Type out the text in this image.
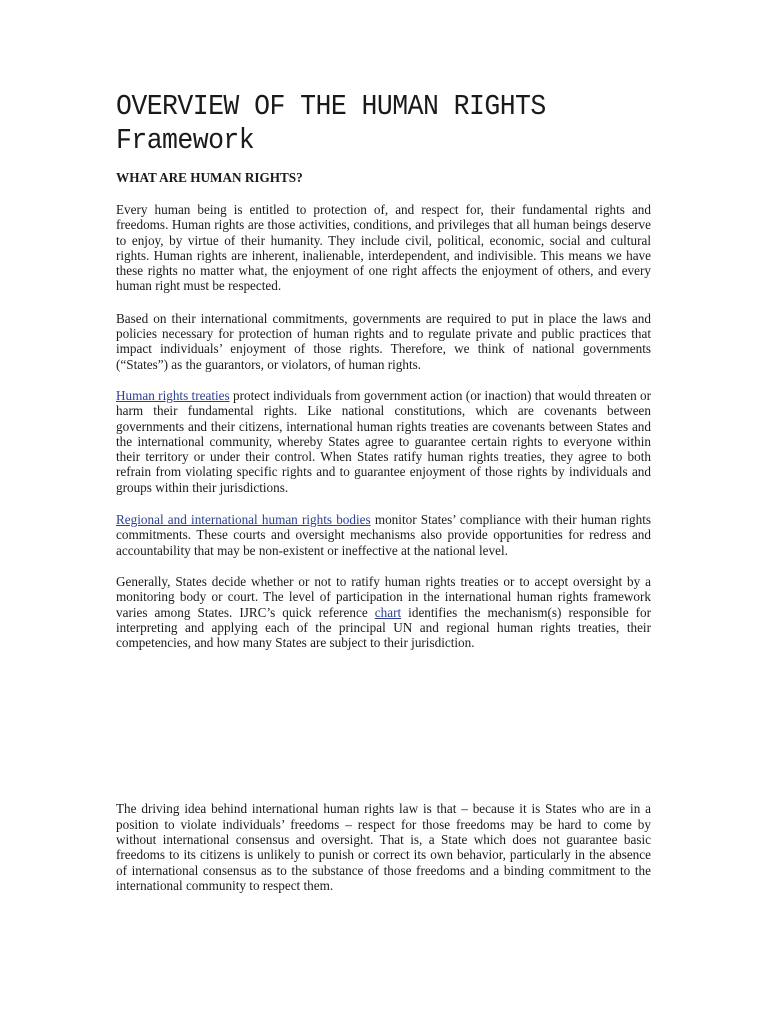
OVERVIEW OF THE HUMAN RIGHTS
Framework
WHAT ARE HUMAN RIGHTS?

Every human being is entitled to protection of, and respect for, their fundamental rights and freedoms. Human rights are those activities, conditions, and privileges that all human beings deserve to enjoy, by virtue of their humanity. They include civil, political, economic, social and cultural rights. Human rights are inherent, inalienable, interdependent, and indivisible. This means we have these rights no matter what, the enjoyment of one right affects the enjoyment of others, and every human right must be respected.

Based on their international commitments, governments are required to put in place the laws and policies necessary for protection of human rights and to regulate private and public practices that impact individuals’ enjoyment of those rights. Therefore, we think of national governments (“States”) as the guarantors, or violators, of human rights.

Human rights treaties protect individuals from government action (or inaction) that would threaten or harm their fundamental rights. Like national constitutions, which are covenants between governments and their citizens, international human rights treaties are covenants between States and the international community, whereby States agree to guarantee certain rights to everyone within their territory or under their control. When States ratify human rights treaties, they agree to both refrain from violating specific rights and to guarantee enjoyment of those rights by individuals and groups within their jurisdictions.

Regional and international human rights bodies monitor States’ compliance with their human rights commitments. These courts and oversight mechanisms also provide opportunities for redress and accountability that may be non-existent or ineffective at the national level.

Generally, States decide whether or not to ratify human rights treaties or to accept oversight by a monitoring body or court. The level of participation in the international human rights framework varies among States. IJRC’s quick reference chart identifies the mechanism(s) responsible for interpreting and applying each of the principal UN and regional human rights treaties, their competencies, and how many States are subject to their jurisdiction.

The driving idea behind international human rights law is that – because it is States who are in a position to violate individuals’ freedoms – respect for those freedoms may be hard to come by without international consensus and oversight. That is, a State which does not guarantee basic freedoms to its citizens is unlikely to punish or correct its own behavior, particularly in the absence of international consensus as to the substance of those freedoms and a binding commitment to the international community to respect them.
